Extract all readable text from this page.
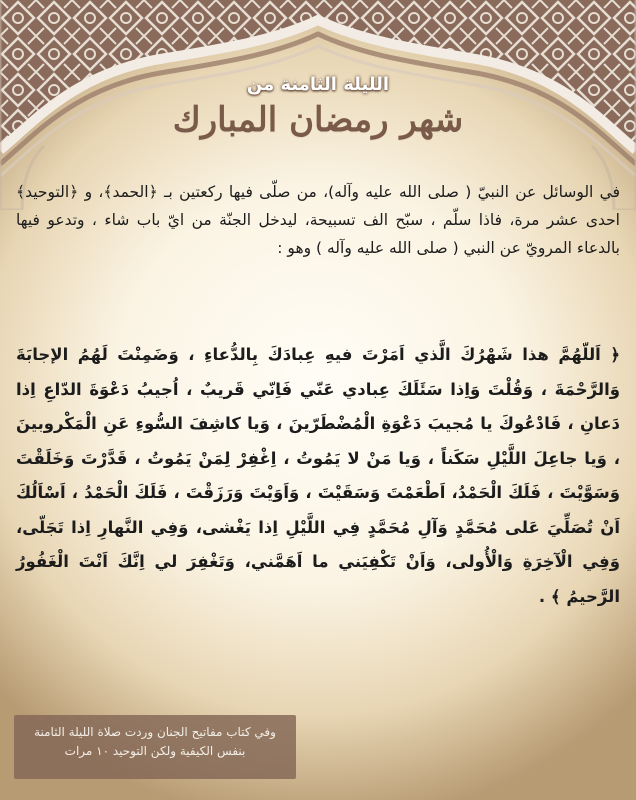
الليلة الثامنة من
شهر رمضان المبارك
في الوسائل عن النبيّ ( صلى الله عليه وآله)، من صلّى فيها ركعتين بـ ﴿الحمد﴾، و ﴿التوحيد﴾ احدى عشر مرة، فاذا سلّم ، سبّح الف تسبيحة، ليدخل الجنّة من ايّ باب شاء ، وتدعو فيها بالدعاء المرويّ عن النبي ( صلى الله عليه وآله ) وهو :
﴿ اَللّهُمَّ هذا شَهْرُكَ الَّذي اَمَرْتَ فيهِ عِبادَكَ بِالدُّعاءِ ، وَضَمِنْتَ لَهُمُ الإجابَةَ وَالرَّحْمَةَ ، وَقُلْتَ وَاِذا سَئَلَكَ عِبادي عَنّي فَاِنّي قَريبٌ ، اُجيبُ دَعْوَةَ الدّاعِ اِذا دَعانِ ، فَادْعُوكَ يا مُجيبَ دَعْوَةِ الْمُضْطَرّينَ ، وَيا كاشِفَ السُّوءِ عَنِ الْمَكْروبينَ ، وَيا جاعِلَ اللَّيْلِ سَكَناً ، وَيا مَنْ لا يَمُوتُ ، اِغْفِرْ لِمَنْ يَمُوتُ ، قَدَّرْتَ وَخَلَقْتَ وَسَوَّيْتَ ، فَلَكَ الْحَمْدُ، اَطْعَمْتَ وَسَقَيْتَ ، وَاَوَيْتَ وَرَزَقْتَ ، فَلَكَ الْحَمْدُ ، اَسْاَلُكَ اَنْ تُصَلِّيَ عَلى مُحَمَّدٍ وَآلِ مُحَمَّدٍ فِي اللَّيْلِ اِذا يَغْشى، وَفِي النَّهارِ اِذا تَجَلّى، وَفِي الْآخِرَةِ وَالْأُولى، وَاَنْ تَكْفِيَني ما اَهَمَّني، وَتَغْفِرَ لي اِنَّكَ اَنْتَ الْغَفُورُ الرَّحيمُ ﴾ .
وفي كتاب مفاتيح الجنان وردت صلاة الليلة الثامنة بنفس الكيفية ولكن التوحيد ١٠ مرات
